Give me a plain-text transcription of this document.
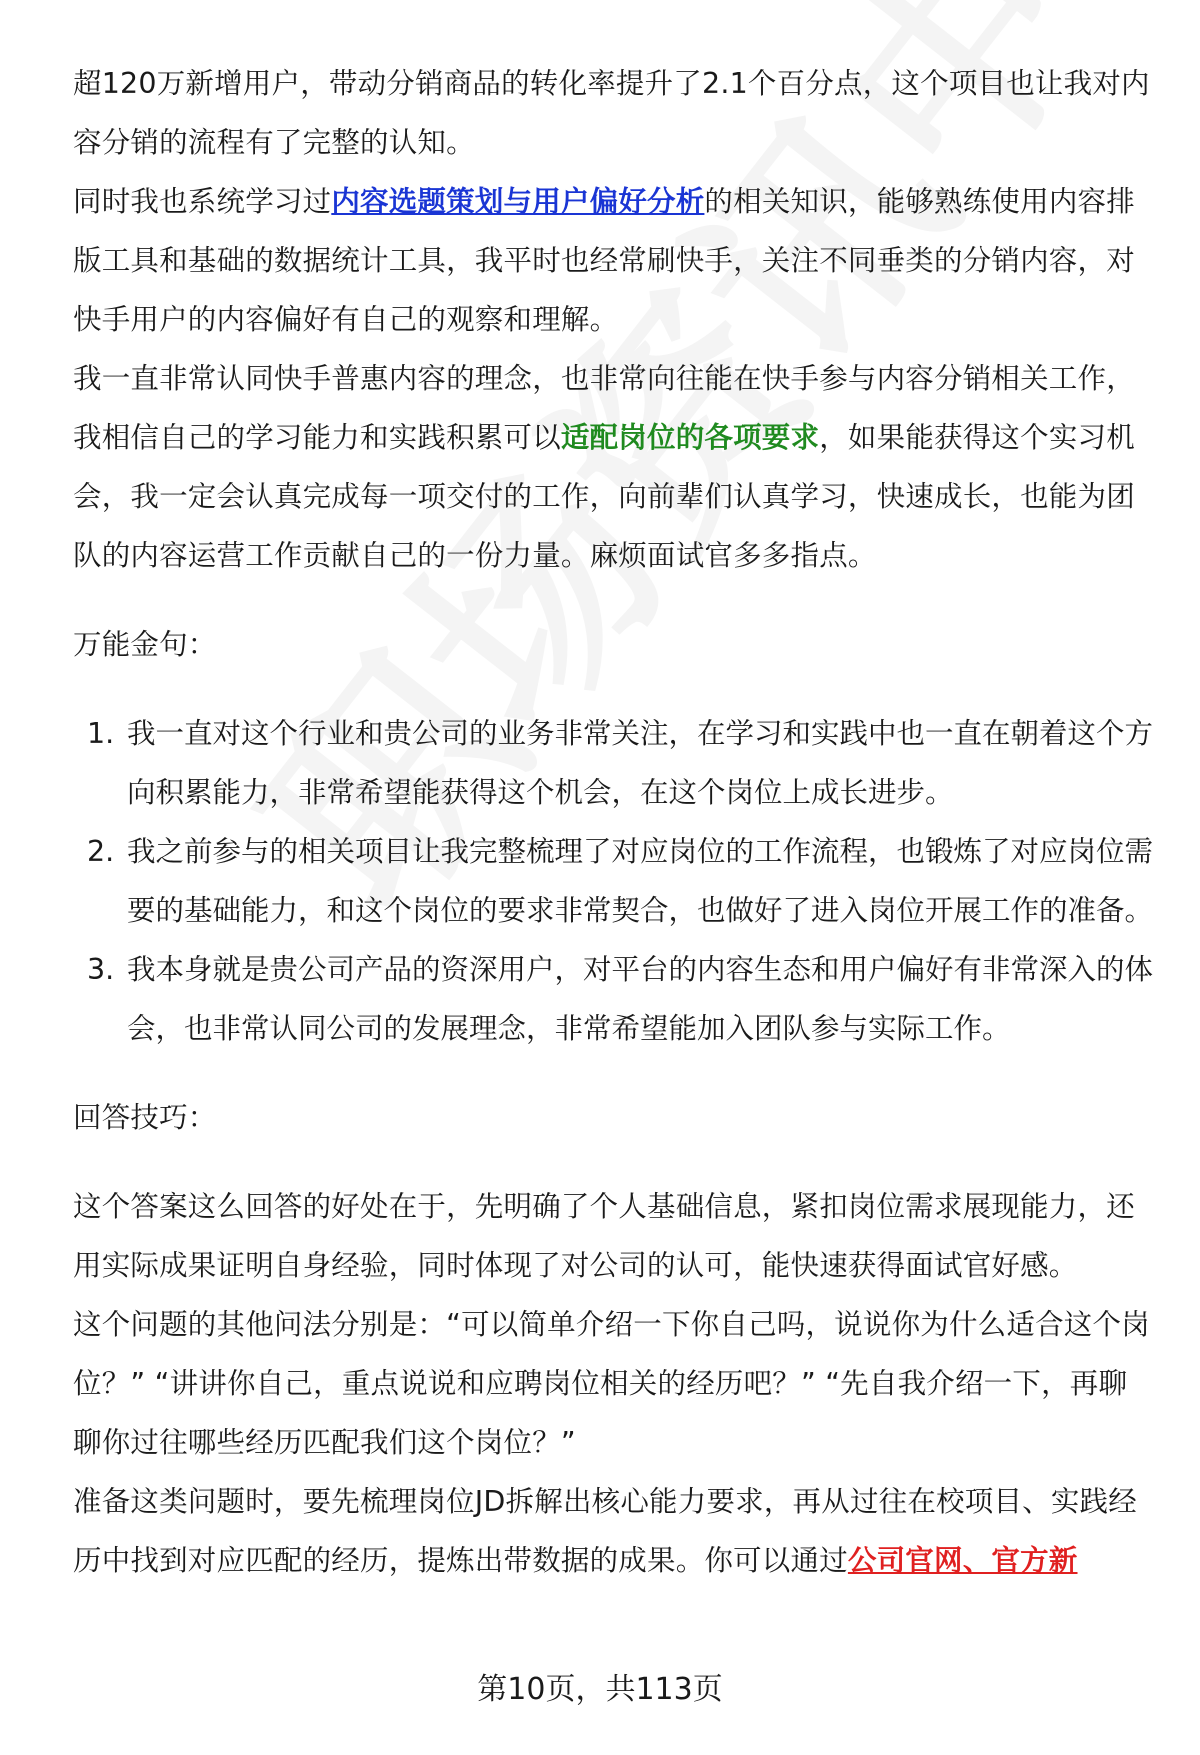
超120万新增用户，带动分销商品的转化率提升了2.1个百分点，这个项目也让我对内容分销的流程有了完整的认知。

同时我也系统学习过内容选题策划与用户偏好分析的相关知识，能够熟练使用内容排版工具和基础的数据统计工具，我平时也经常刷快手，关注不同垂类的分销内容，对快手用户的内容偏好有自己的观察和理解。

我一直非常认同快手普惠内容的理念，也非常向往能在快手参与内容分销相关工作，我相信自己的学习能力和实践积累可以适配岗位的各项要求，如果能获得这个实习机会，我一定会认真完成每一项交付的工作，向前辈们认真学习，快速成长，也能为团队的内容运营工作贡献自己的一份力量。麻烦面试官多多指点。

万能金句：

1. 我一直对这个行业和贵公司的业务非常关注，在学习和实践中也一直在朝着这个方向积累能力，非常希望能获得这个机会，在这个岗位上成长进步。
2. 我之前参与的相关项目让我完整梳理了对应岗位的工作流程，也锻炼了对应岗位需要的基础能力，和这个岗位的要求非常契合，也做好了进入岗位开展工作的准备。
3. 我本身就是贵公司产品的资深用户，对平台的内容生态和用户偏好有非常深入的体会，也非常认同公司的发展理念，非常希望能加入团队参与实际工作。

回答技巧：

这个答案这么回答的好处在于，先明确了个人基础信息，紧扣岗位需求展现能力，还用实际成果证明自身经验，同时体现了对公司的认可，能快速获得面试官好感。

这个问题的其他问法分别是：“可以简单介绍一下你自己吗，说说你为什么适合这个岗位？” “讲讲你自己，重点说说和应聘岗位相关的经历吧？” “先自我介绍一下，再聊聊你过往哪些经历匹配我们这个岗位？”

准备这类问题时，要先梳理岗位JD拆解出核心能力要求，再从过往在校项目、实践经历中找到对应匹配的经历，提炼出带数据的成果。你可以通过公司官网、官方新

第10页，共113页
